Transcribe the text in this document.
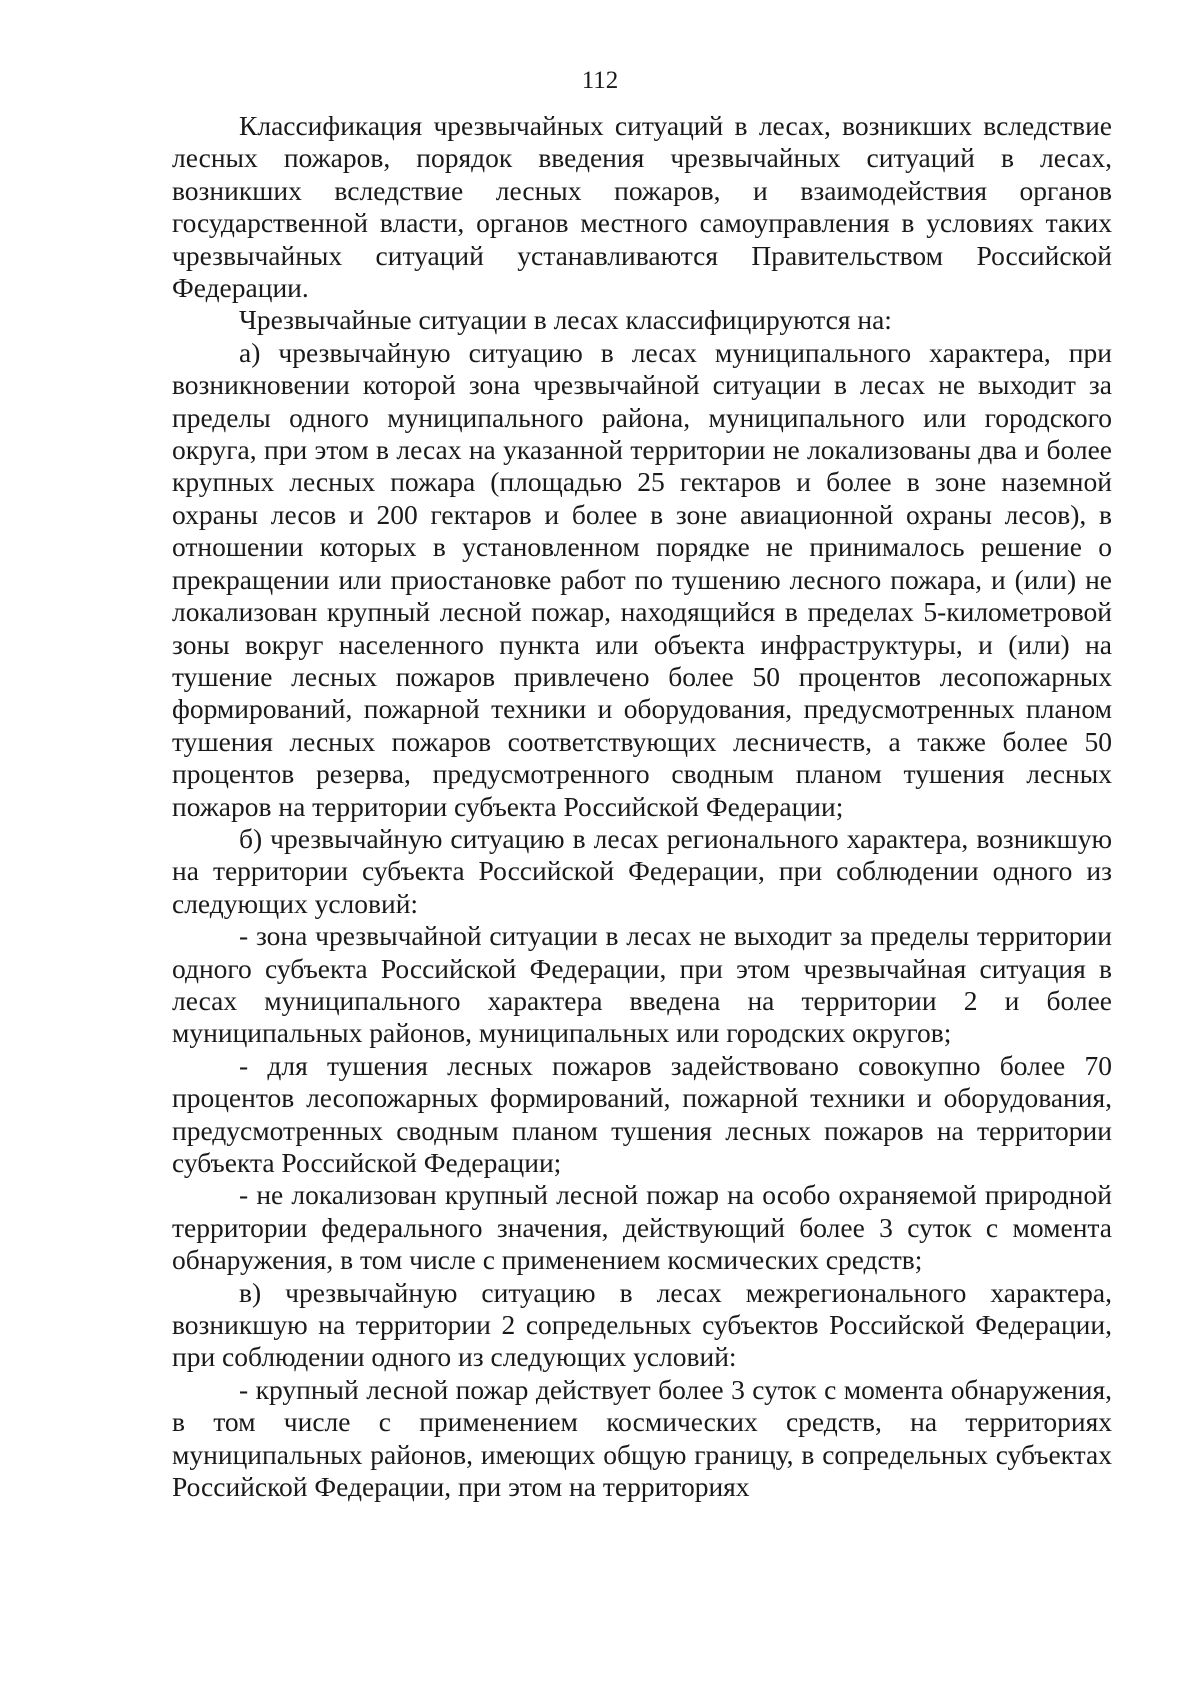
112

Классификация чрезвычайных ситуаций в лесах, возникших вследствие лесных пожаров, порядок введения чрезвычайных ситуаций в лесах, возникших вследствие лесных пожаров, и взаимодействия органов государственной власти, органов местного самоуправления в условиях таких чрезвычайных ситуаций устанавливаются Правительством Российской Федерации.

Чрезвычайные ситуации в лесах классифицируются на:

а) чрезвычайную ситуацию в лесах муниципального характера, при возникновении которой зона чрезвычайной ситуации в лесах не выходит за пределы одного муниципального района, муниципального или городского округа, при этом в лесах на указанной территории не локализованы два и более крупных лесных пожара (площадью 25 гектаров и более в зоне наземной охраны лесов и 200 гектаров и более в зоне авиационной охраны лесов), в отношении которых в установленном порядке не принималось решение о прекращении или приостановке работ по тушению лесного пожара, и (или) не локализован крупный лесной пожар, находящийся в пределах 5-километровой зоны вокруг населенного пункта или объекта инфраструктуры, и (или) на тушение лесных пожаров привлечено более 50 процентов лесопожарных формирований, пожарной техники и оборудования, предусмотренных планом тушения лесных пожаров соответствующих лесничеств, а также более 50 процентов резерва, предусмотренного сводным планом тушения лесных пожаров на территории субъекта Российской Федерации;

б) чрезвычайную ситуацию в лесах регионального характера, возникшую на территории субъекта Российской Федерации, при соблюдении одного из следующих условий:

- зона чрезвычайной ситуации в лесах не выходит за пределы территории одного субъекта Российской Федерации, при этом чрезвычайная ситуация в лесах муниципального характера введена на территории 2 и более муниципальных районов, муниципальных или городских округов;

- для тушения лесных пожаров задействовано совокупно более 70 процентов лесопожарных формирований, пожарной техники и оборудования, предусмотренных сводным планом тушения лесных пожаров на территории субъекта Российской Федерации;

- не локализован крупный лесной пожар на особо охраняемой природной территории федерального значения, действующий более 3 суток с момента обнаружения, в том числе с применением космических средств;

в) чрезвычайную ситуацию в лесах межрегионального характера, возникшую на территории 2 сопредельных субъектов Российской Федерации, при соблюдении одного из следующих условий:

- крупный лесной пожар действует более 3 суток с момента обнаружения, в том числе с применением космических средств, на территориях муниципальных районов, имеющих общую границу, в сопредельных субъектах Российской Федерации, при этом на территориях
